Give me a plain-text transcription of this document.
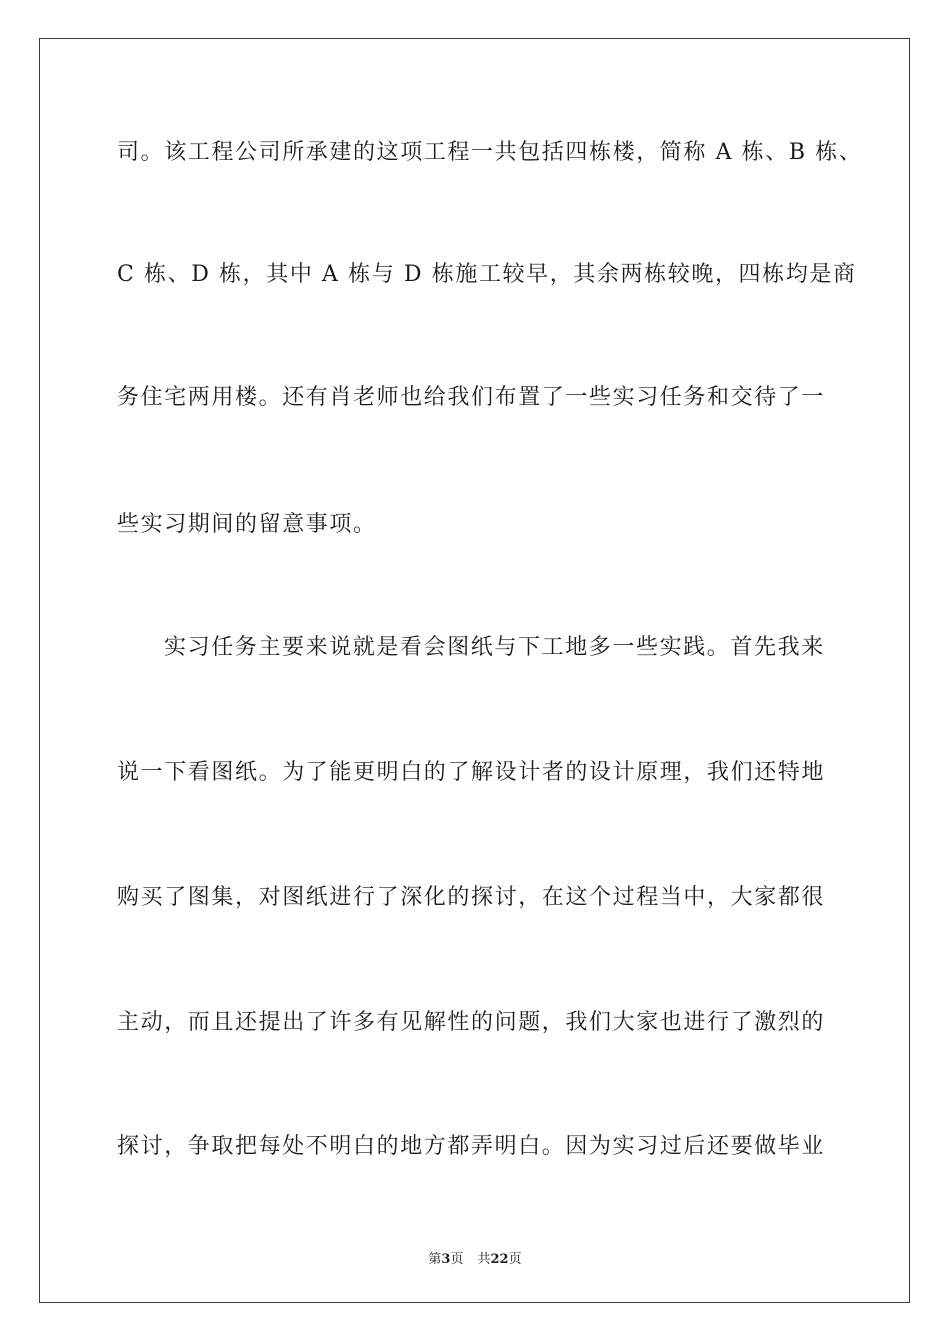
司。该工程公司所承建的这项工程一共包括四栋楼，简称 A 栋、B 栋、
C 栋、D 栋，其中 A 栋与 D 栋施工较早，其余两栋较晚，四栋均是商
务住宅两用楼。还有肖老师也给我们布置了一些实习任务和交待了一
些实习期间的留意事项。
实习任务主要来说就是看会图纸与下工地多一些实践。首先我来
说一下看图纸。为了能更明白的了解设计者的设计原理，我们还特地
购买了图集，对图纸进行了深化的探讨，在这个过程当中，大家都很
主动，而且还提出了许多有见解性的问题，我们大家也进行了激烈的
探讨，争取把每处不明白的地方都弄明白。因为实习过后还要做毕业
第3页 共22页
